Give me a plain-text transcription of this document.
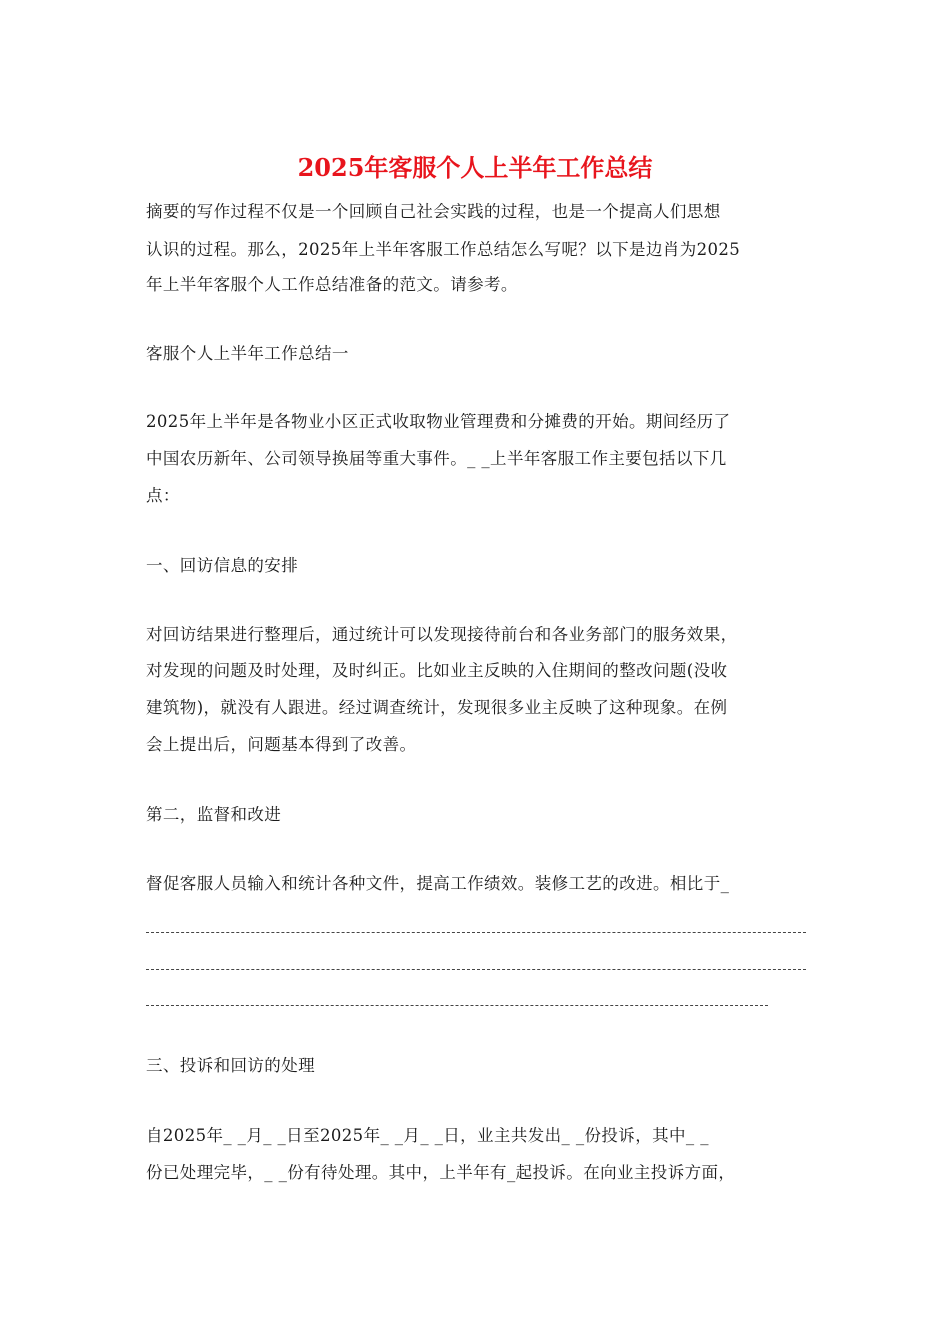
2025年客服个人上半年工作总结
摘要的写作过程不仅是一个回顾自己社会实践的过程，也是一个提高人们思想
认识的过程。那么，2025年上半年客服工作总结怎么写呢？以下是边肖为2025
年上半年客服个人工作总结准备的范文。请参考。
客服个人上半年工作总结一
2025年上半年是各物业小区正式收取物业管理费和分摊费的开始。期间经历了
中国农历新年、公司领导换届等重大事件。_ _上半年客服工作主要包括以下几
点：
一、回访信息的安排
对回访结果进行整理后，通过统计可以发现接待前台和各业务部门的服务效果，
对发现的问题及时处理，及时纠正。比如业主反映的入住期间的整改问题(没收
建筑物)，就没有人跟进。经过调查统计，发现很多业主反映了这种现象。在例
会上提出后，问题基本得到了改善。
第二，监督和改进
督促客服人员输入和统计各种文件，提高工作绩效。装修工艺的改进。相比于_
三、投诉和回访的处理
自2025年_ _月_ _日至2025年_ _月_ _日，业主共发出_ _份投诉，其中_ _
份已处理完毕，_ _份有待处理。其中，上半年有_起投诉。在向业主投诉方面，
